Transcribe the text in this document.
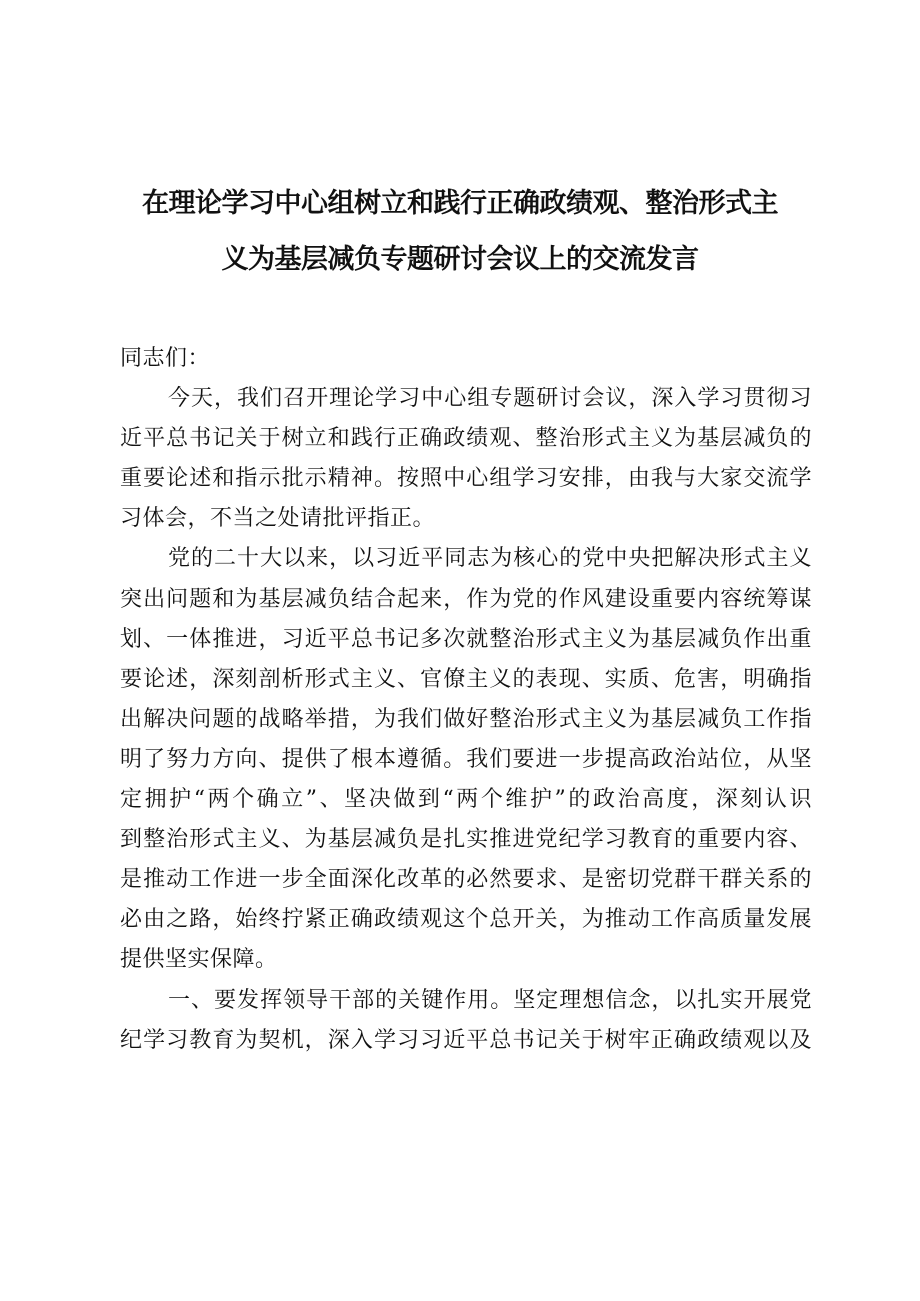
在理论学习中心组树立和践行正确政绩观、整治形式主
义为基层减负专题研讨会议上的交流发言

同志们：

今天，我们召开理论学习中心组专题研讨会议，深入学习贯彻习
近平总书记关于树立和践行正确政绩观、整治形式主义为基层减负的
重要论述和指示批示精神。按照中心组学习安排，由我与大家交流学
习体会，不当之处请批评指正。

党的二十大以来，以习近平同志为核心的党中央把解决形式主义
突出问题和为基层减负结合起来，作为党的作风建设重要内容统筹谋
划、一体推进，习近平总书记多次就整治形式主义为基层减负作出重
要论述，深刻剖析形式主义、官僚主义的表现、实质、危害，明确指
出解决问题的战略举措，为我们做好整治形式主义为基层减负工作指
明了努力方向、提供了根本遵循。我们要进一步提高政治站位，从坚
定拥护“两个确立”、坚决做到“两个维护”的政治高度，深刻认识
到整治形式主义、为基层减负是扎实推进党纪学习教育的重要内容、
是推动工作进一步全面深化改革的必然要求、是密切党群干群关系的
必由之路，始终拧紧正确政绩观这个总开关，为推动工作高质量发展
提供坚实保障。

一、要发挥领导干部的关键作用。坚定理想信念，以扎实开展党
纪学习教育为契机，深入学习习近平总书记关于树牢正确政绩观以及
